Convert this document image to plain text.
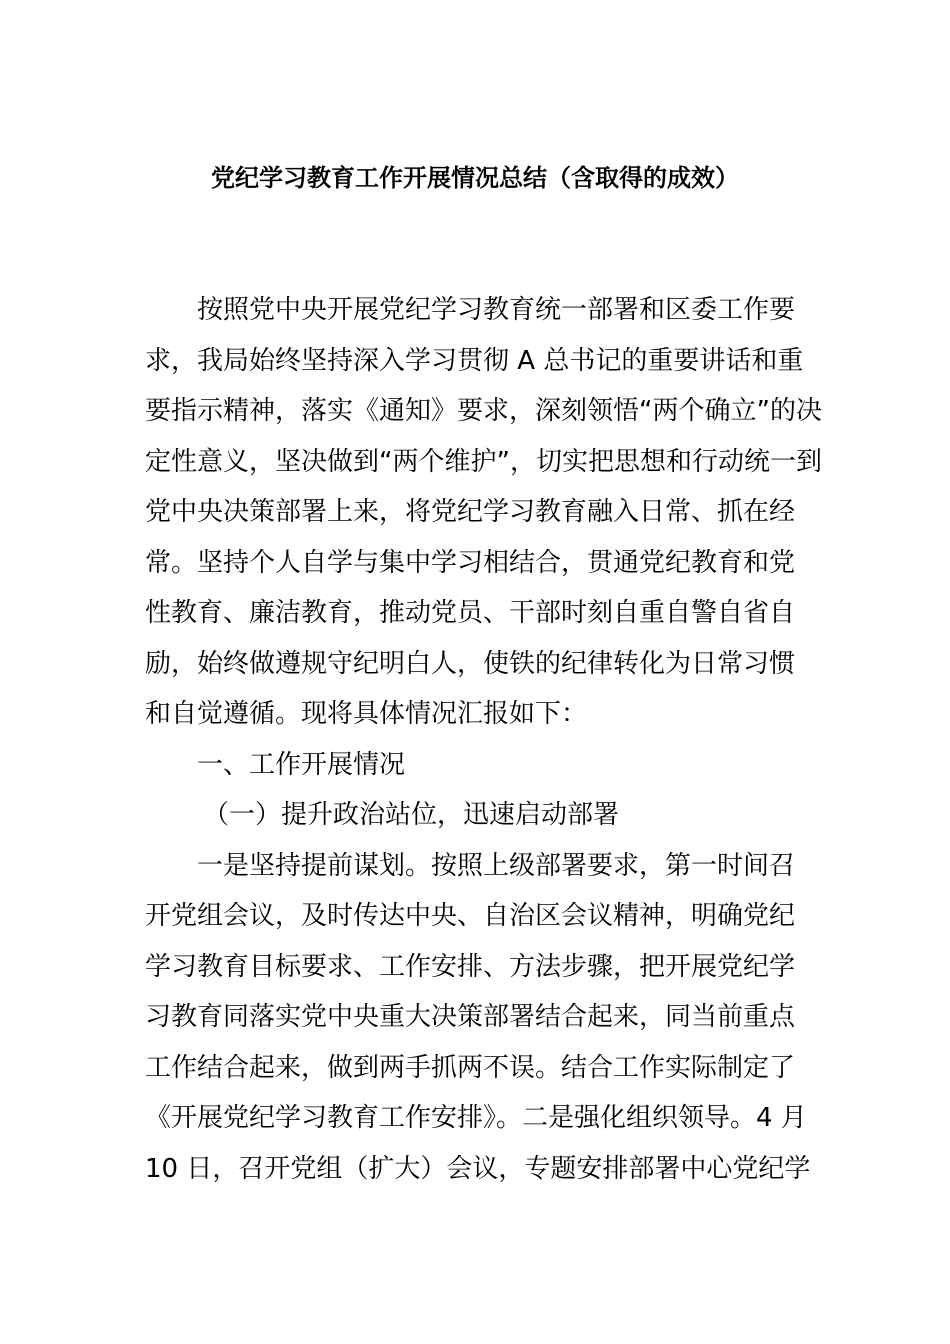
党纪学习教育工作开展情况总结（含取得的成效）
按照党中央开展党纪学习教育统一部署和区委工作要
求，我局始终坚持深入学习贯彻 A 总书记的重要讲话和重
要指示精神，落实《通知》要求，深刻领悟“两个确立”的决
定性意义，坚决做到“两个维护”，切实把思想和行动统一到
党中央决策部署上来，将党纪学习教育融入日常、抓在经
常。坚持个人自学与集中学习相结合，贯通党纪教育和党
性教育、廉洁教育，推动党员、干部时刻自重自警自省自
励，始终做遵规守纪明白人，使铁的纪律转化为日常习惯
和自觉遵循。现将具体情况汇报如下：
一、工作开展情况
（一）提升政治站位，迅速启动部署
一是坚持提前谋划。按照上级部署要求，第一时间召
开党组会议，及时传达中央、自治区会议精神，明确党纪
学习教育目标要求、工作安排、方法步骤，把开展党纪学
习教育同落实党中央重大决策部署结合起来，同当前重点
工作结合起来，做到两手抓两不误。结合工作实际制定了
《开展党纪学习教育工作安排》。二是强化组织领导。4 月
10 日，召开党组（扩大）会议，专题安排部署中心党纪学
